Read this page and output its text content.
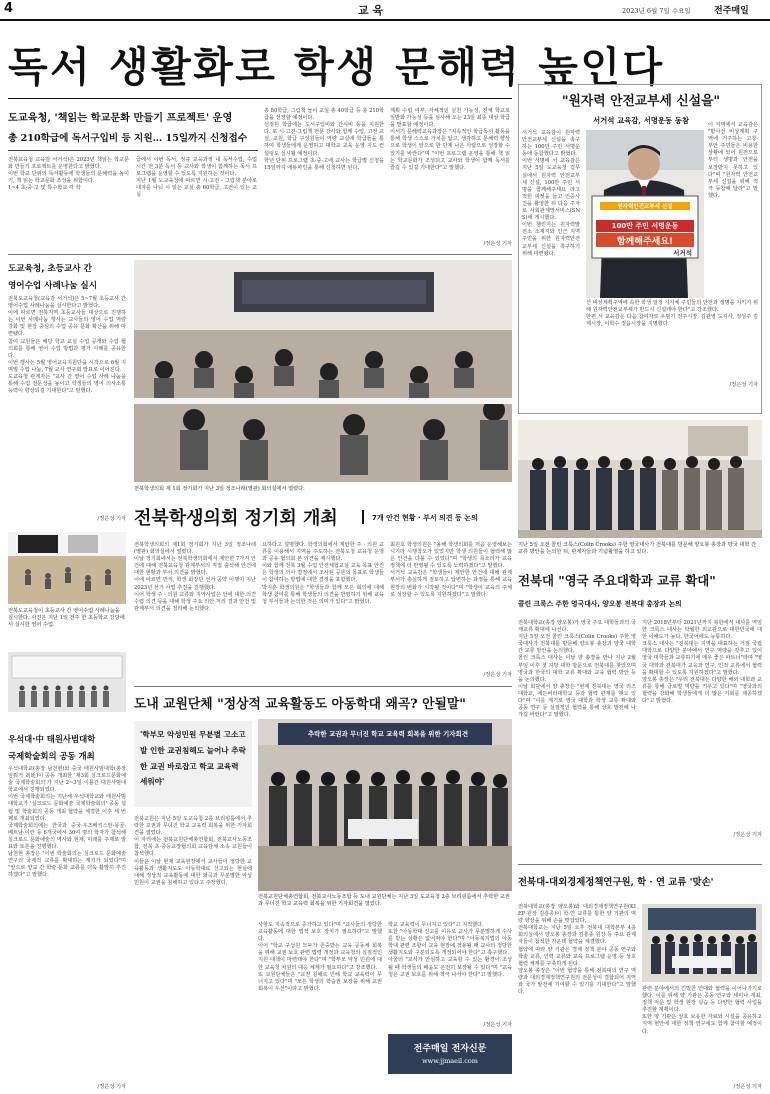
4	교 육	2023년 6월 7일 수요일	전주매일
독서 생활화로 학생 문해력 높인다
도교육청, '책읽는 학교문화 만들기 프로젝트' 운영
총 210학급에 독서구입비 등 지원… 15일까지 신청접수
전북교육청 교육감 서거석)은 2023년 책읽는 학교문화 만들기 프로젝트를 운영한다고 밝혔다.
이번 학교 단위의 독서활동에 학생들의 문해력을 높이기, 책 읽는 학교문화 조성을 위함이다.
1~4 초·중·고 및 특수학교 각 학
급에서 이번 독서, 정규 교육과정 내 독서수업, 수업 시간 전 3분 독서 등 교사와 학생이 함께하는 독서 프로그램을 운영할 수 있도록 지원하는 것이다.
지난 1월 도교육청에 따르면 시·고전 - 그림책 분야로 대자를 나눠 시 읽는 교실 총 60학급, 고전이 있는 교실
총 80학급, 그림책 놀이 교실 총 40학급 등 총 210학급을 선정할 예정이다.
선정된 학급에는 도서구입비와 간식비 등을 지원한다. 또 시·고전·그림책 전문 강사와 함께 수업, 고전 교실, 교원, 학급 구성원들이 역량 교실에 학급들을 통하여 학생들에게 운영하고 대학교 교육 운영 지도 컨설팅도 실시될 예정이다.
학년 단위 프로그램 초·중·고에 교사는 학급별 신청을 15일까지 에듀파인을 통해 신청하면 된다.
계획 수립 여부, 자체적인 실천 가능성, 전체 학교로 일반화 가능성 등을 심사해 오는 23일 최종 대상 학급을 발표할 예정이다.
이서기 문해력교육과장은 "지속적인 학급독서 활동을 통해 학생 스스로 가치를 알고, 생각하고 문해력 향상으로 학생이 앞으로 한 단계 나은 사람으로 성장할 수 있기를 바란다"며 "이번 프로그램 운영을 통해 책 읽는 학교문화가 조성되고 교사와 학생이 함께 독서를 즐길 수 있길 기대한다"고 말했다.
/정은성 기자
도교육청, 초등교사 간
영어수업 사례나눔 실시
전북도교육청(교육감 서거석)은 5~7월 초등교사 간 영어수업 사례나눔을 실시한다고 밝혔다.
이에 따르면 전북지역 초등교사들 대상으로 진행하는 이번 사례나눔 행사는 교사들의 영어 수업 역량 강화 및 현장 중심의 수업 공유 문화 확산을 위해 마련됐다.
참여 교원들은 해당 학교 교실 수업 공개와 수업 협의회를 통해 영어 수업 방법과 평가 사례를 공유한다.
이번 행사는 5월 영어교육지원단을 시작으로 6월 지역별 수업 나눔, 7월 교사 연구회 발표로 이어진다.
도교육청 관계자는 "교사 간 영어 수업 사례 나눔을 통해 수업 전문성을 높이고 학생들의 영어 의사소통 능력이 향상되길 기대한다"고 말했다.
/정은성 기자
전북도교육청이 초등교사 간 영어수업 사례나눔을 실시한다. 사진은 지난 1일 전주 한 초등학교 강당에서 실시한 영어 수업.
우석대·中 태원사범대학
국제학술회의 공동 개최
우석대학교(총장 남천현)와 중국 태원사범대학(총장 임뤄거 刘延)이 공동 개최한 '제3회 실크로드문화예술 국제학술회의'가 지난 2~3일 이틀간 대원사범대학교에서 진행되었다.
이번 국제학술회의는 지난해 우석대학교와 태원사범대학교가 '실크로드 문화예술 국제학술회의' 공동 설립 및 학술회의 공동 개최 협약을 체결한 이후 세 번째로 개최되었다.
국제학술회의에는 한국과 중국·우즈베키스탄·몽골·베트남·이란 등 6개국에서 30여 명의 학자가 참석해 실크로드 문화예술의 역사와 현재, 미래를 주제로 발표와 토론을 진행했다.
남천현 총장은 "이번 학술회의는 실크로드 문화예술 연구의 국제적 교류를 확대하는 계기가 되었다"며 "앞으로 양교 간 학술·문화 교류를 더욱 활발히 추진하겠다"고 말했다.
/정은성 기자
전북학생의회 제 1회 정기회가 지난 3일 정조나래(별관) 회의실에서 열렸다.
전북학생의회 정기회 개최	7개 안건 현황 · 부서 의견 등 논의
전북학생의회의 제1회 정기회가 지난 3일 정조나래(별관) 회의실에서 열렸다.
이날 정기회에서는 전북학생의회에서 제안한 7가지 안건에 대해 전북교육청 관계부서의 직접 출석해 안건에 대한 현황과 부서 의견을 밝혔다.
이에 따르면 먼저, 학생 회장단 선거 공약 이행이 지난 2023년 선거 사업 추진을 진행했다.
이어 학생 주 · 의원 교류와 지역사업은 안에 대한 의견수렴 의견 등을 대해 학생 주요 의안 처리 결과 안건 및 관계부서 의견을 정리해 논의했다.
요하다고 설명했다. 학생의회에서 제안한 주 · 의원 교류를 이용해서 지역을 주도하는 전북도청 교육청 운영과 공유 협의회 본 의견을 제시했다.
이와 함께 전북 3월 수업 안전체험교실 교육 목표 안건은 학생의 의사 결정에서 조사된 공론의 목표로 학생들이 참여하는 방법에 대한 결정을 포함했다.
박지훈 학생의원은 "학생들과 함께 모든 회의에 대해 학생 참여를 통해 학생들의 의견을 반영하기 위해 교육청 부서들과 논의한 것은 의미가 있다"고 밝혔다.
최원호 학생의원은 "올해 학생의회를 처음 운영해보는 시기라 시행착오가 있었지만 학생 의원들이 협력해 많은 안건을 다룰 수 있었다"며 "학생의 목소리가 교육 정책에 더 반영될 수 있도록 노력하겠다"고 말했다.
서거석 교육감은 "학생들이 제안한 안건에 대해 관계 부서가 충실하게 검토하고 답변하는 과정을 통해 교육 현장의 변화가 시작될 것이다"며 "학생이 교육의 주체로 성장할 수 있도록 지원하겠다"고 말했다.
/정은성 기자
도내 교원단체 "정상적 교육활동도 아동학대 왜곡? 안될말"
'학부모 악성민원 무분별 고소고발 인한 교권침해도 늘어나 추락한 교권 바로잡고 학교 교육력 세워야'
추락한 교권과 무너진 학교 교육력 회복을 위한 기자회견
전북교원은 지난 5일 도교육청 2층 브리핑룸에서 추락한 교권과 무너진 학교 교육력 회복을 위한 기자회견을 열었다.
이 자리에는 전북교원단체총연합회, 전북교사노동조합, 전북 초·중등교장협의회 교육단체 소속 교원들이 참석했다.
이들은 이날 현재 교육현장에서 교사들이 정당한 교육활동과 생활지도도 아동학대로 신고되는 현실에 대해 정상적 교육활동에 대한 왜곡과 무분별한 악성 민원이 교권을 침해하고 있다고 주장했다.
전북교원단체총연합회, 전북교사노동조합 등 도내 교원단체는 지난 3일 도교육청 2층 브리핑룸에서 추락한 교권과 무너진 학교 교육력 회복을 위한 기자회견을 열었다.
사항도 지속적으로 증가하고 있다"며 "교사들의 정당한 교육활동에 대한 법적 보호 장치가 필요하다"고 말했다.
이어 "학교 구성원 모두가 존중받는 교육 공동체 회복을 위해 교권 보호 관련 법령 개정과 교육청의 실질적인 지원 대책이 마련돼야 한다"며 "학부모 악성 민원에 대한 교육청 차원의 대응 체계가 필요하다"고 강조했다.
또 교원단체들은 "교권 침해로 인해 학교 교육력이 무너지고 있다"며 "모든 학생의 학습권 보장을 위해 교권 회복이 우선"이라고 밝혔다.
학교 교육력이 무너지고 있다"고 지적했다.
또한 "아동학대 신고를 이유로 교사가 무분별하게 수사를 받는 상황은 없어져야 한다"며 "아동복지법의 아동학대 관련 조항이 교육 현장에 적용될 때 교사의 정당한 생활지도와 구분되도록 개정되어야 한다"고 촉구했다.
아울러 "교사가 안심하고 교육할 수 있는 환경이 조성될 때 학생들의 배움도 온전히 보장될 수 있다"며 "교육청은 교권 보호를 위해 적극 나서야 한다"고 말했다.
/정은성 기자
전주매일 전자신문
www.jjmaeil.com
"원자력 안전교부세 신설을"
서거석 교육감, 서명운동 동참
서거석 교육감이 원자력 안전교부세 신설을 촉구하는 100만 주민 서명운동에 동참했다고 밝혔다.
이번 서명에 서 교육감은 지난 5일 도교육청 집무실에서 원자력 안전교부세 신설, 100만 주민 서명을 함께해주세요 라고 적힌 피켓을 들고 인증사진을 촬영한 뒤 다음 주자로 사회관계망서비스(SNS)에 게시했다.
이번 챌린지는 원자력발전소 소재지와 인근 지역 주민을 위한 원자력안전교부세 신설을 촉구하기 위해 마련됐다.
원자력안전교부세 신설
100만 주민 서명운동
함께해주세요!
서거석
이 지역에서 교육감은 "방사선 비상계획 구역에 거주하는 고창·부안 주민들은 비용한 상황에 있어 원전으로부터 생명과 안전을 보장받지 못하고 있다"며 "원자력 안전교부세 신설을 위해 적극 동참해 달라"고 말했다.
선 비상계획구역에 속한 학생 일정 지자체 주민들의 안전과 생명을 지키기 위해 원자력안전교부세가 반드시 신설돼야 한다"고 강조했다.
한편 서 교육감은 다음 참여자로 우범기 전주시장, 김관영 도지사, 정성주 김제시장, 이학수 정읍시장을 지명했다.
/정은성 기자
지난 5일 오전 콜린 크룩스(Colin Crooks) 주한 영국대사가 전북대를 방문해 양오봉 총장과 양국 대학 간 교류 방안을 논의한 뒤, 관계자들과 기념촬영을 하고 있다.
전북대 "영국 주요대학과 교류 확대"
콜린 크룩스 주한 영국대사, 양오봉 전북대 총장과 논의
전북대학교(총장 양오봉)가 영국 주요 대학들과의 국제교류 확대에 나선다.
지난 5일 오전 콜린 크룩스(Colin Crooks) 주한 영국대사가 전북대를 방문해 양오봉 총장과 양국 대학 간 교류 방안을 논의했다.
콜린 크룩스 대사는 이날 양 총장을 만나 지난 2월 부임 이후 첫 지방 대학 방문으로 전북대를 찾았으며 영국과 한국의 대학 교류 확대와 교육 협력 방안 등을 논의했다.
이날 회담에서 양 총장은 "현재 전북대는 영국 리즈대학교, 에든버러대학교 등과 협력 관계를 맺고 있다"며 "이를 계기로 영국 대학과 학생 교류 확대와 공동 연구 등 실질적인 협력을 통해 상호 발전해 나가길 바란다"고 말했다.
지난 2018년부터 2021년까지 북한에서 대사를 역임한 크룩스 대사는 탁월한 외교관으로 대한민국에 대한 이해도가 높다. 한국어에도 능통하다.
크룩스 대사는 "전북대는 지역을 대표하는 거점 국립대학으로 다양한 분야에서 연구 역량을 갖추고 있어 영국 대학들과 교류하기에 매우 좋은 파트너"라며 "영국 대학과 전북대가 교육과 연구, 인적 교류에서 협력을 확대할 수 있도록 지원하겠다"고 말했다.
양오봉 총장은 "우리 전북대는 다양한 해외 대학과 교류를 통해 글로벌 역량을 키우고 있다"며 "영국과의 협력을 강화해 학생들에게 더 많은 기회를 제공하겠다"고 밝혔다.
/정은성 기자
전북대-대외경제정책연구원, 학 · 연 교류 '맞손'
전북대학교(총장 양오봉)와 대외경제정책연구원(KIEP·원장 김흥종)이 학·연 교류를 통한 양 기관의 역량 향상을 위해 손을 맞잡았다.
전북대학교는 지난 5일 오후 전북대 대학본부 4층 회의실에서 양오봉 총장과 김흥종 원장 등 주요 관계자들이 참석한 가운데 협약을 체결했다.
협약에 따라 양 기관은 경제 정책 분야 공동 연구와 학술 교류, 인력 교류와 교육 프로그램 운영 등 상호 협력 체계를 구축하게 된다.
양오봉 총장은 "이번 협약을 통해 전북대의 연구 역량과 대외경제정책연구원의 전문성이 결합되어 지역과 국가 발전에 기여할 수 있기를 기대한다"고 말했다.
관련 분야에서의 긴밀한 연대와 협력을 이어나가기로 했다. 이를 위해 양 기관은 공동 연구와 세미나 개최, 정책 자문 및 학생 현장 실습 등 다양한 협력 사업을 추진할 계획이다.
또한 양 기관은 상호 보유한 자료와 시설을 공유하고 지역 현안에 대한 정책 연구에도 함께 참여할 예정이다.
/정은성 기자
